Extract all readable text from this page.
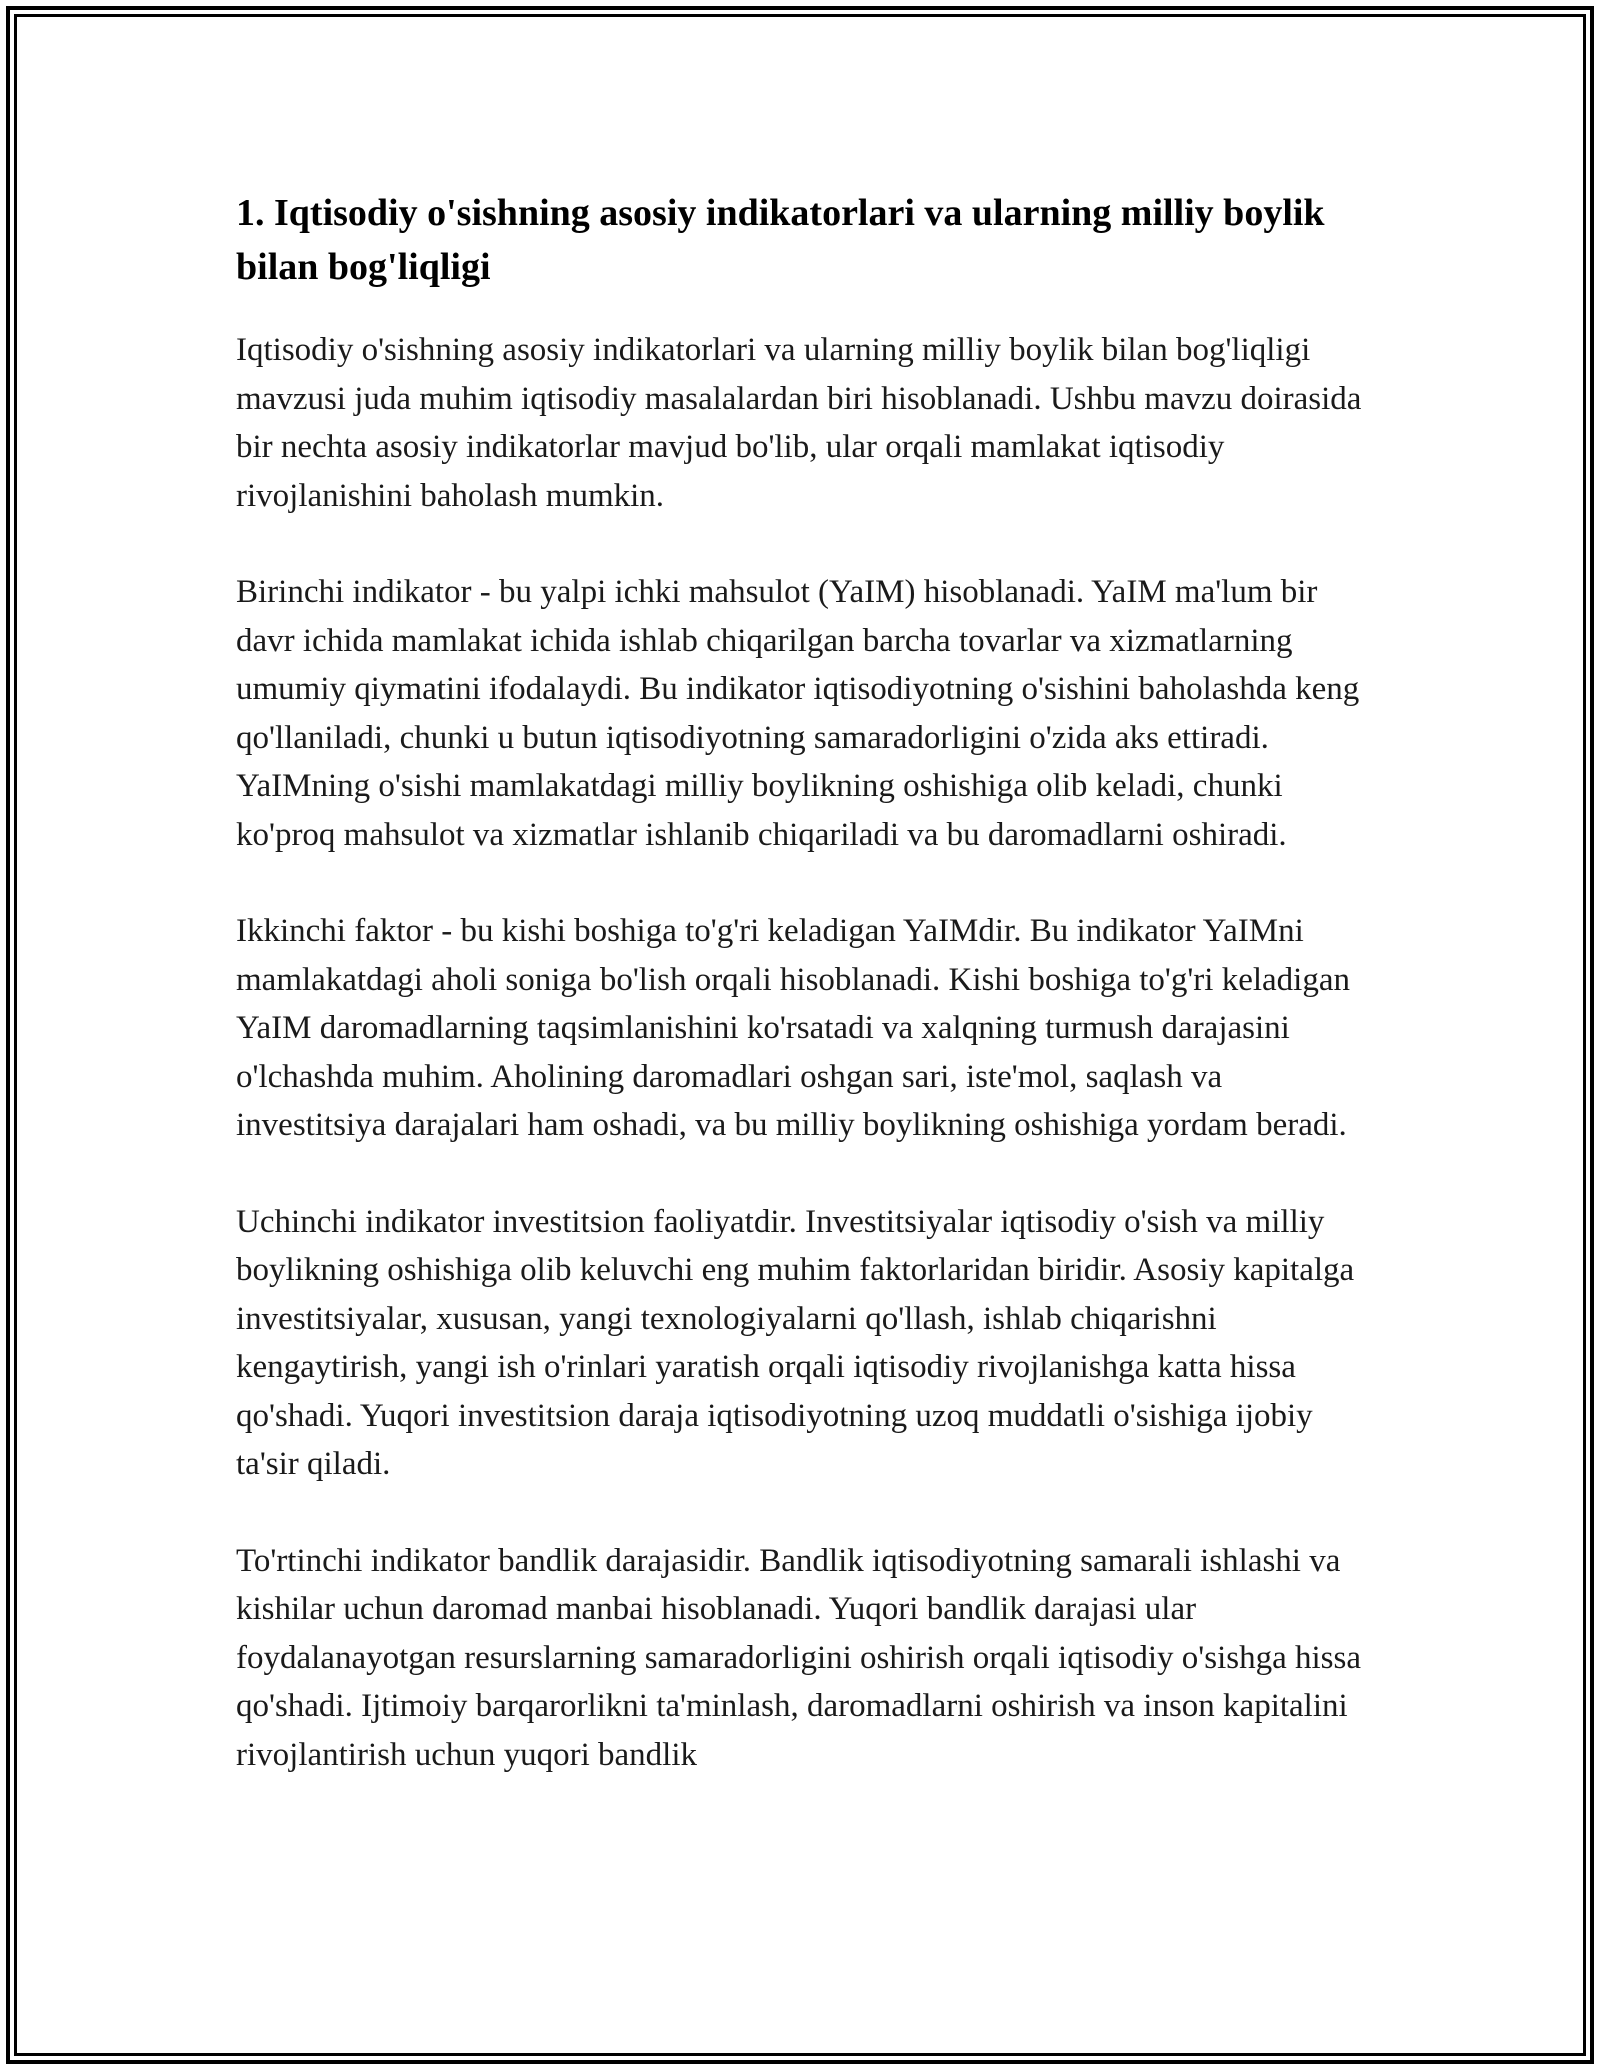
1. Iqtisodiy o'sishning asosiy indikatorlari va ularning milliy boylik bilan bog'liqligi

Iqtisodiy o'sishning asosiy indikatorlari va ularning milliy boylik bilan bog'liqligi mavzusi juda muhim iqtisodiy masalalardan biri hisoblanadi. Ushbu mavzu doirasida bir nechta asosiy indikatorlar mavjud bo'lib, ular orqali mamlakat iqtisodiy rivojlanishini baholash mumkin.

Birinchi indikator - bu yalpi ichki mahsulot (YaIM) hisoblanadi. YaIM ma'lum bir davr ichida mamlakat ichida ishlab chiqarilgan barcha tovarlar va xizmatlarning umumiy qiymatini ifodalaydi. Bu indikator iqtisodiyotning o'sishini baholashda keng qo'llaniladi, chunki u butun iqtisodiyotning samaradorligini o'zida aks ettiradi. YaIMning o'sishi mamlakatdagi milliy boylikning oshishiga olib keladi, chunki ko'proq mahsulot va xizmatlar ishlanib chiqariladi va bu daromadlarni oshiradi.

Ikkinchi faktor - bu kishi boshiga to'g'ri keladigan YaIMdir. Bu indikator YaIMni mamlakatdagi aholi soniga bo'lish orqali hisoblanadi. Kishi boshiga to'g'ri keladigan YaIM daromadlarning taqsimlanishini ko'rsatadi va xalqning turmush darajasini o'lchashda muhim. Aholining daromadlari oshgan sari, iste'mol, saqlash va investitsiya darajalari ham oshadi, va bu milliy boylikning oshishiga yordam beradi.

Uchinchi indikator investitsion faoliyatdir. Investitsiyalar iqtisodiy o'sish va milliy boylikning oshishiga olib keluvchi eng muhim faktorlaridan biridir. Asosiy kapitalga investitsiyalar, xususan, yangi texnologiyalarni qo'llash, ishlab chiqarishni kengaytirish, yangi ish o'rinlari yaratish orqali iqtisodiy rivojlanishga katta hissa qo'shadi. Yuqori investitsion daraja iqtisodiyotning uzoq muddatli o'sishiga ijobiy ta'sir qiladi.

To'rtinchi indikator bandlik darajasidir. Bandlik iqtisodiyotning samarali ishlashi va kishilar uchun daromad manbai hisoblanadi. Yuqori bandlik darajasi ular foydalanayotgan resurslarning samaradorligini oshirish orqali iqtisodiy o'sishga hissa qo'shadi. Ijtimoiy barqarorlikni ta'minlash, daromadlarni oshirish va inson kapitalini rivojlantirish uchun yuqori bandlik
